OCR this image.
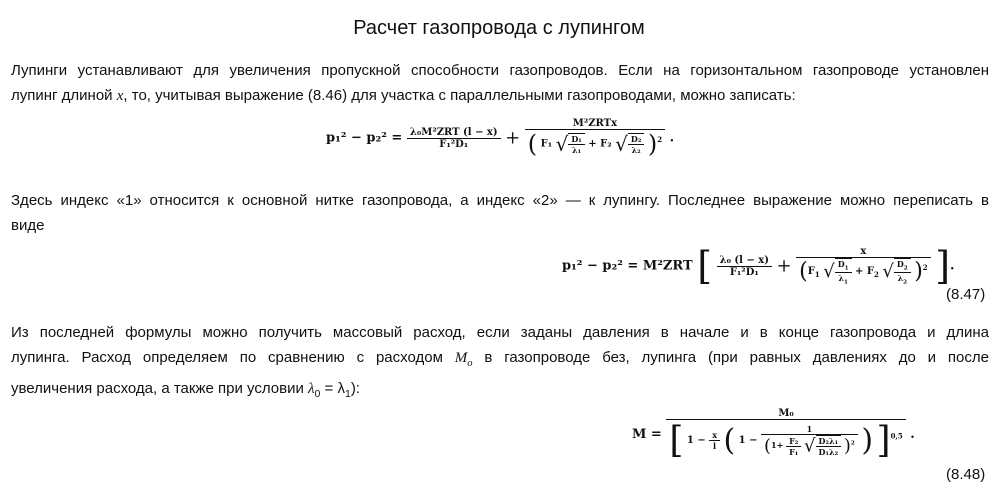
Расчет газопровода с лупингом
Лупинги устанавливают для увеличения пропускной способности газопроводов. Если на горизонтальном газопроводе установлен
лупинг длиной x, то, учитывая выражение (8.46) для участка с параллельными газопроводами, можно записать:
$p_1^2 - p_2^2 = \frac{\text{λ₀M²ZRT (l − x)}}{\text{F₁²D₁}} + \frac{\text{M²ZRTx}}{( F_1 √ \frac{\text{D₁}}{\text{λ₁}} + F_2 √ \frac{\text{D₂}}{\text{λ₂}} )^2}$ .
Здесь индекс «1» относится к основной нитке газопровода, а индекс «2» — к лупингу. Последнее выражение можно переписать в
виде
p₁² − p₂² = M²ZRT [ $\frac{\text{λ₀ (l − x)}}{\text{F₁²D₁}} + \frac{x}{(F_1 √ \frac{D_1}{\lambda_1} + F_2 √ \frac{D_2}{\lambda_2} )^2}$ ].
(8.47)
Из последней формулы можно получить массовый расход, если заданы давления в начале и в конце газопровода и длина
лупинга. Расход определяем по сравнению с расходом $M_o$ в газопроводе без, лупинга (при равных давлениях до и после
увеличения расхода, а также при условии $\lambda_0 = \lambda_1$):
M =
M₀
[ $1 - \frac{x}{l}$ ( $1 - \frac{1}{(1+ \frac{\text{F₂}}{\text{F₁}} √ \frac{\text{D₂λ₁}}{\text{D₁λ₂}} )^2}$ ) ]$^{0,5}$ .
(8.48)
